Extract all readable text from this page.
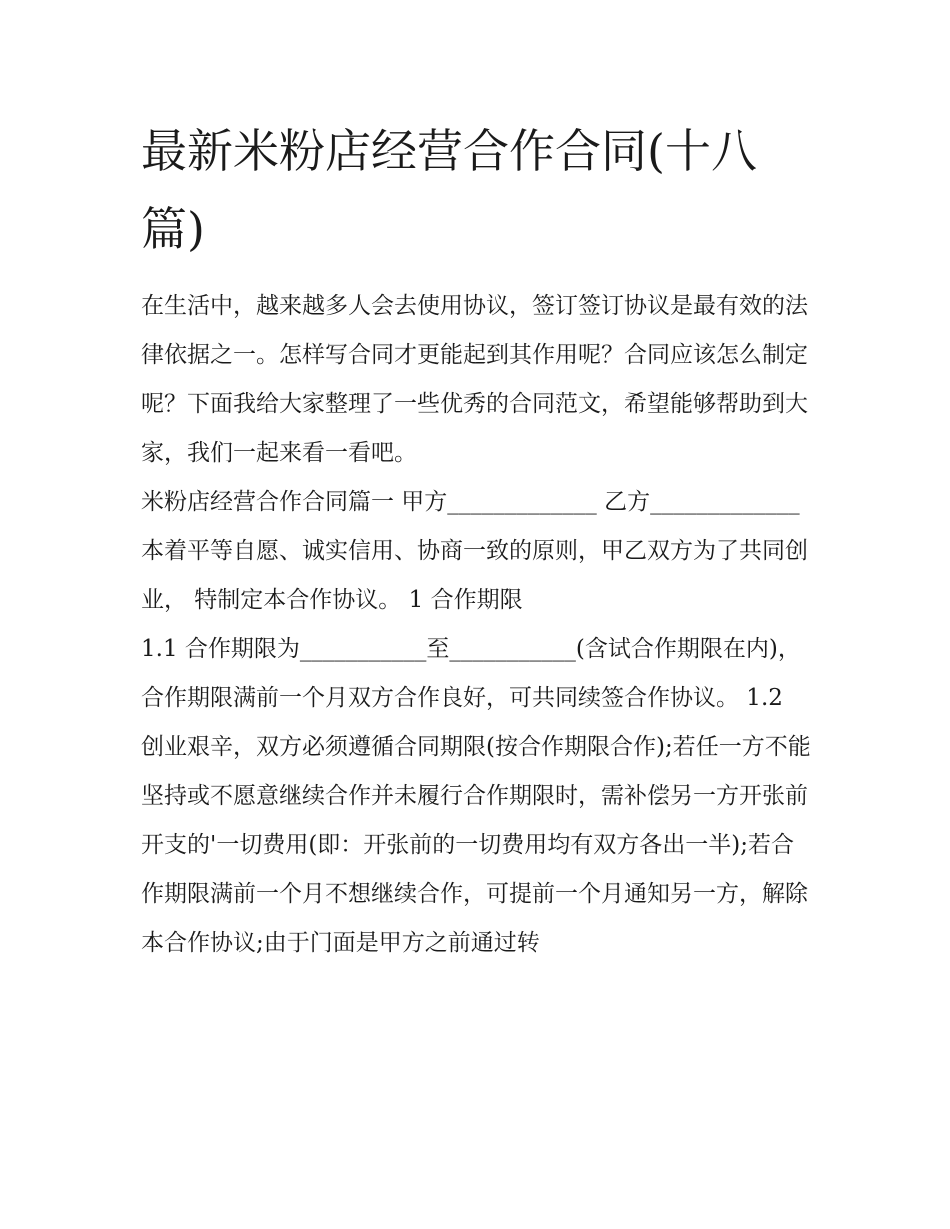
最新米粉店经营合作合同(十八篇)

在生活中，越来越多人会去使用协议，签订签订协议是最有效的法律依据之一。怎样写合同才更能起到其作用呢？合同应该怎么制定呢？下面我给大家整理了一些优秀的合同范文，希望能够帮助到大家，我们一起来看一看吧。

米粉店经营合作合同篇一 甲方_____________ 乙方_____________

本着平等自愿、诚实信用、协商一致的原则，甲乙双方为了共同创业， 特制定本合作协议。 1 合作期限

1.1 合作期限为___________至___________(含试合作期限在内)，合作期限满前一个月双方合作良好，可共同续签合作协议。 1.2

创业艰辛，双方必须遵循合同期限(按合作期限合作);若任一方不能坚持或不愿意继续合作并未履行合作期限时，需补偿另一方开张前开支的'一切费用(即：开张前的一切费用均有双方各出一半);若合作期限满前一个月不想继续合作，可提前一个月通知另一方，解除本合作协议;由于门面是甲方之前通过转
